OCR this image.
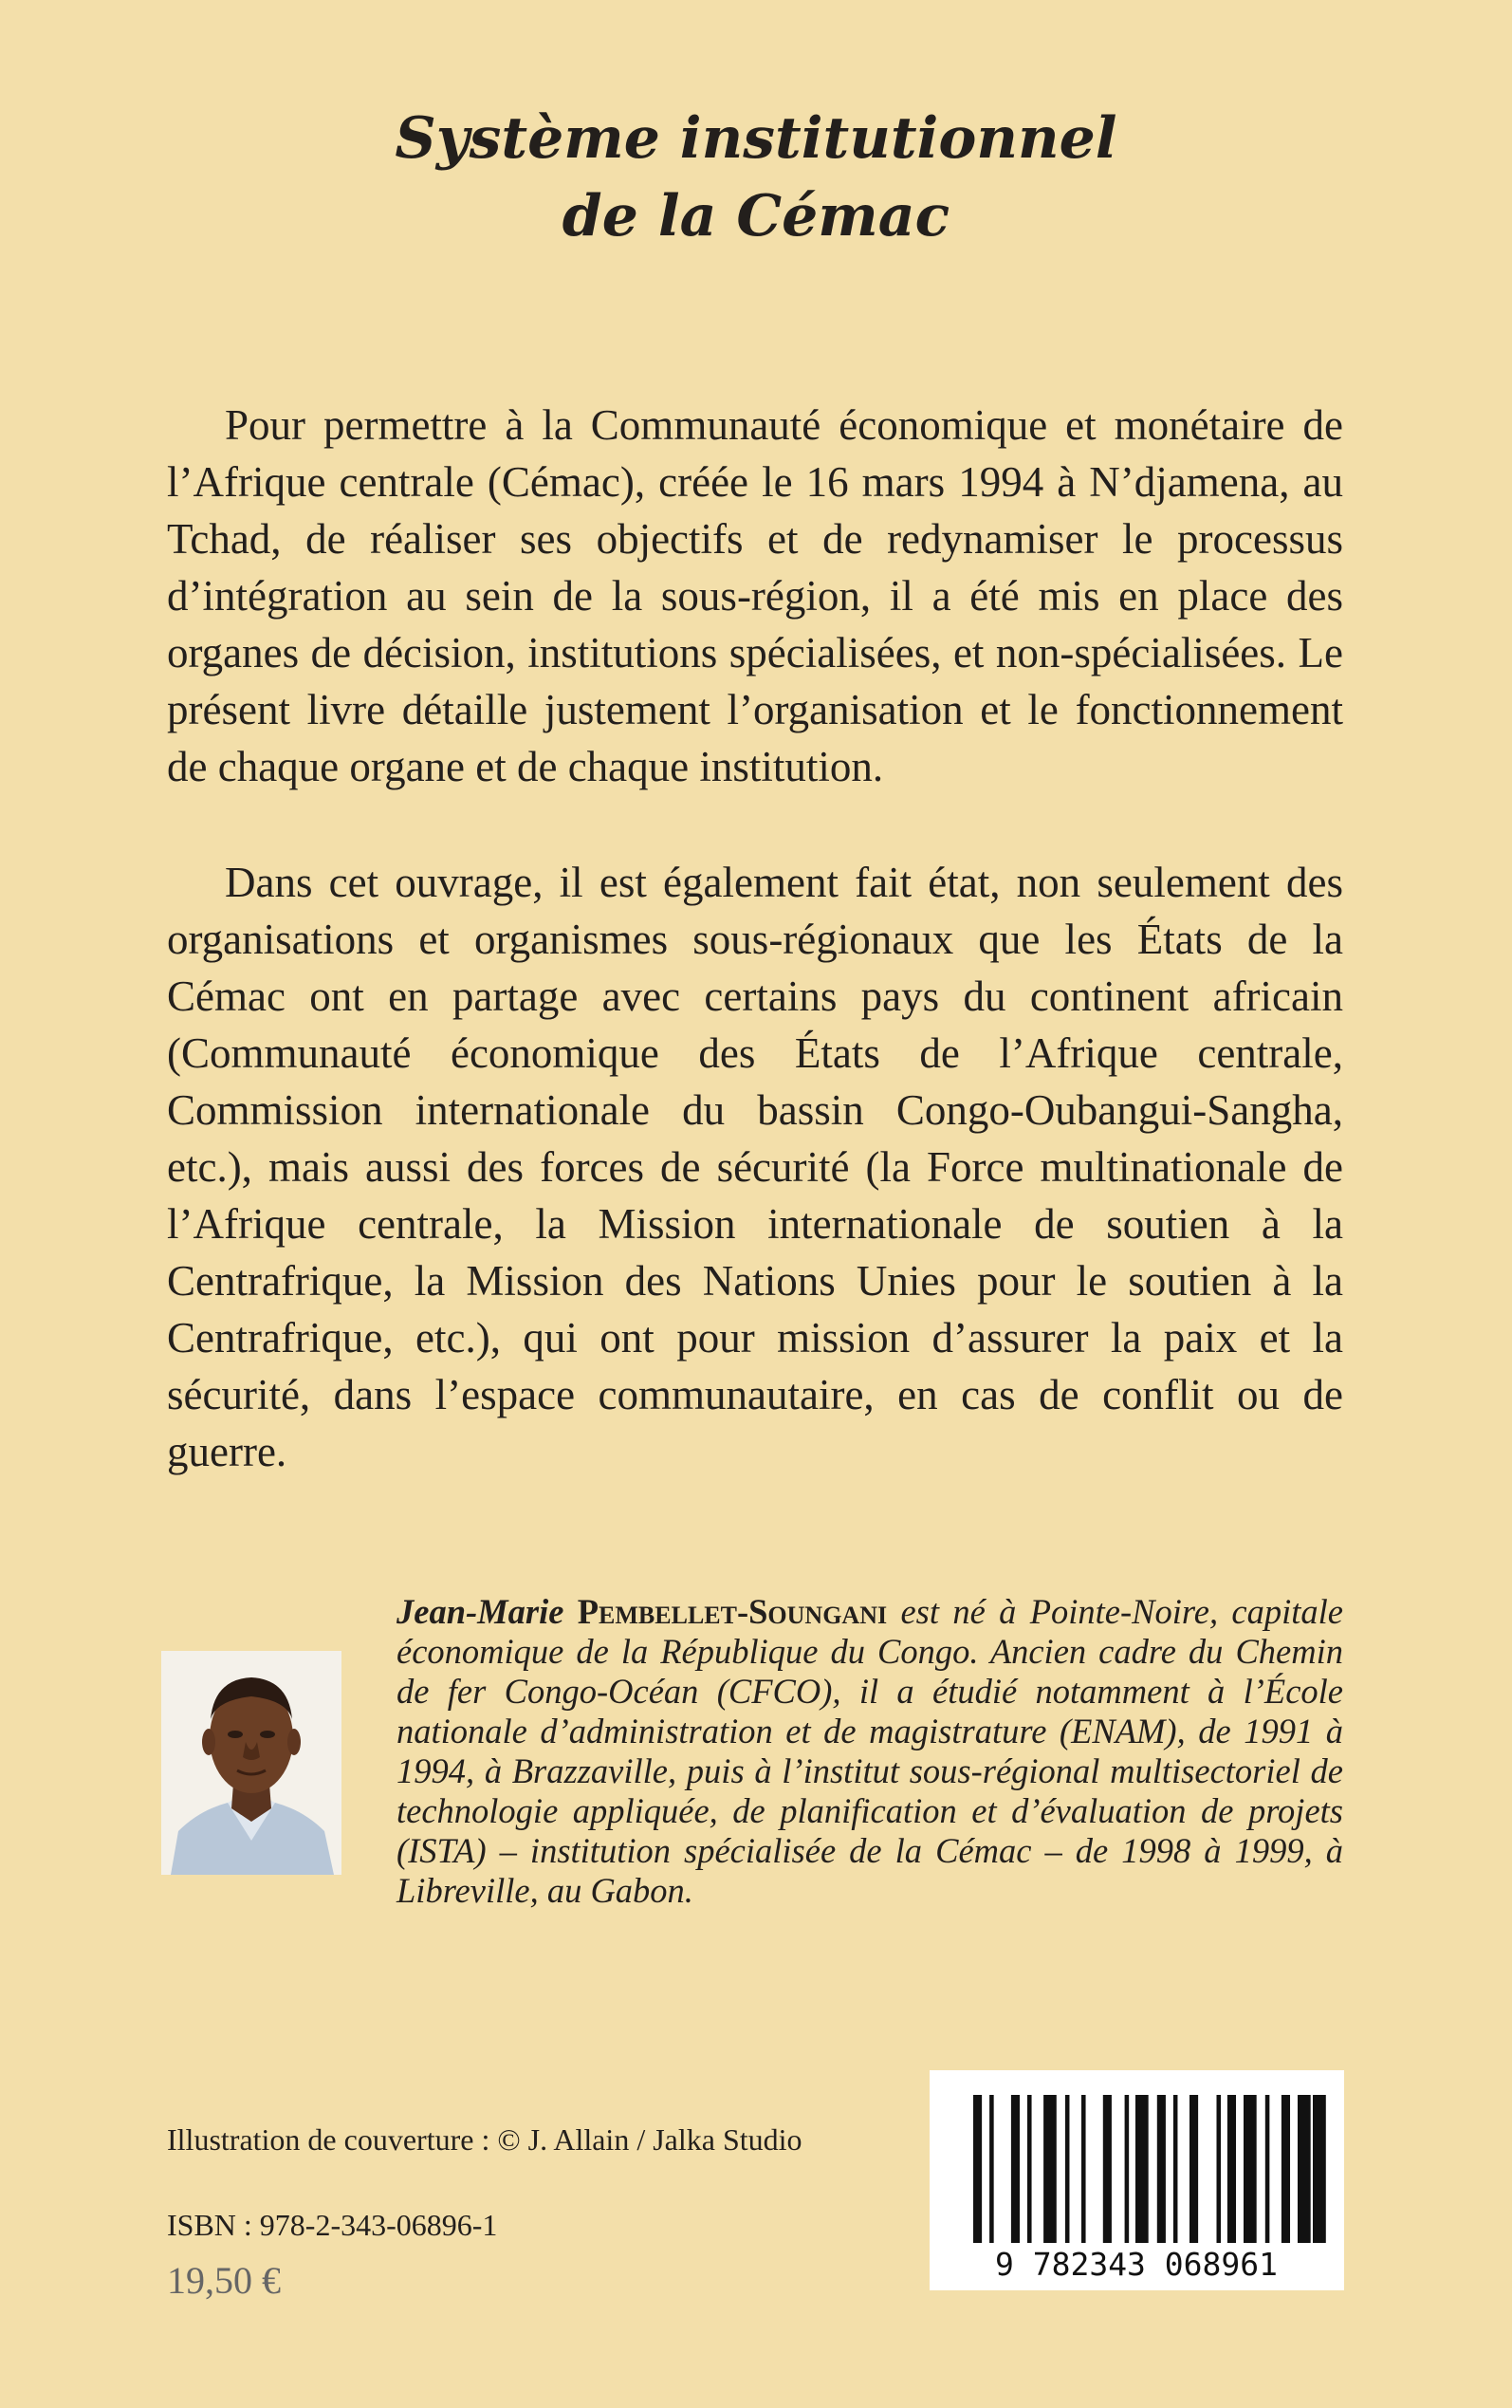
Système institutionnel
de la Cémac

Pour permettre à la Communauté économique et monétaire de l’Afrique centrale (Cémac), créée le 16 mars 1994 à N’djamena, au Tchad, de réaliser ses objectifs et de redynamiser le processus d’intégration au sein de la sous-région, il a été mis en place des organes de décision, institutions spécialisées, et non-spécialisées. Le présent livre détaille justement l’organisation et le fonctionnement de chaque organe et de chaque institution.

Dans cet ouvrage, il est également fait état, non seulement des organisations et organismes sous-régionaux que les États de la Cémac ont en partage avec certains pays du continent africain (Communauté économique des États de l’Afrique centrale, Commission internationale du bassin Congo-Oubangui-Sangha, etc.), mais aussi des forces de sécurité (la Force multinationale de l’Afrique centrale, la Mission internationale de soutien à la Centrafrique, la Mission des Nations Unies pour le soutien à la Centrafrique, etc.), qui ont pour mission d’assurer la paix et la sécurité, dans l’espace communautaire, en cas de conflit ou de guerre.

Jean-Marie Pembellet-Soungani est né à Pointe-Noire, capitale économique de la République du Congo. Ancien cadre du Chemin de fer Congo-Océan (CFCO), il a étudié notamment à l’École nationale d’administration et de magistrature (ENAM), de 1991 à 1994, à Brazzaville, puis à l’institut sous-régional multisectoriel de technologie appliquée, de planification et d’évaluation de projets (ISTA) – institution spécialisée de la Cémac – de 1998 à 1999, à Libreville, au Gabon.
Illustration de couverture : © J. Allain / Jalka Studio
ISBN : 978-2-343-06896-1
19,50 €	9 782343 068961
